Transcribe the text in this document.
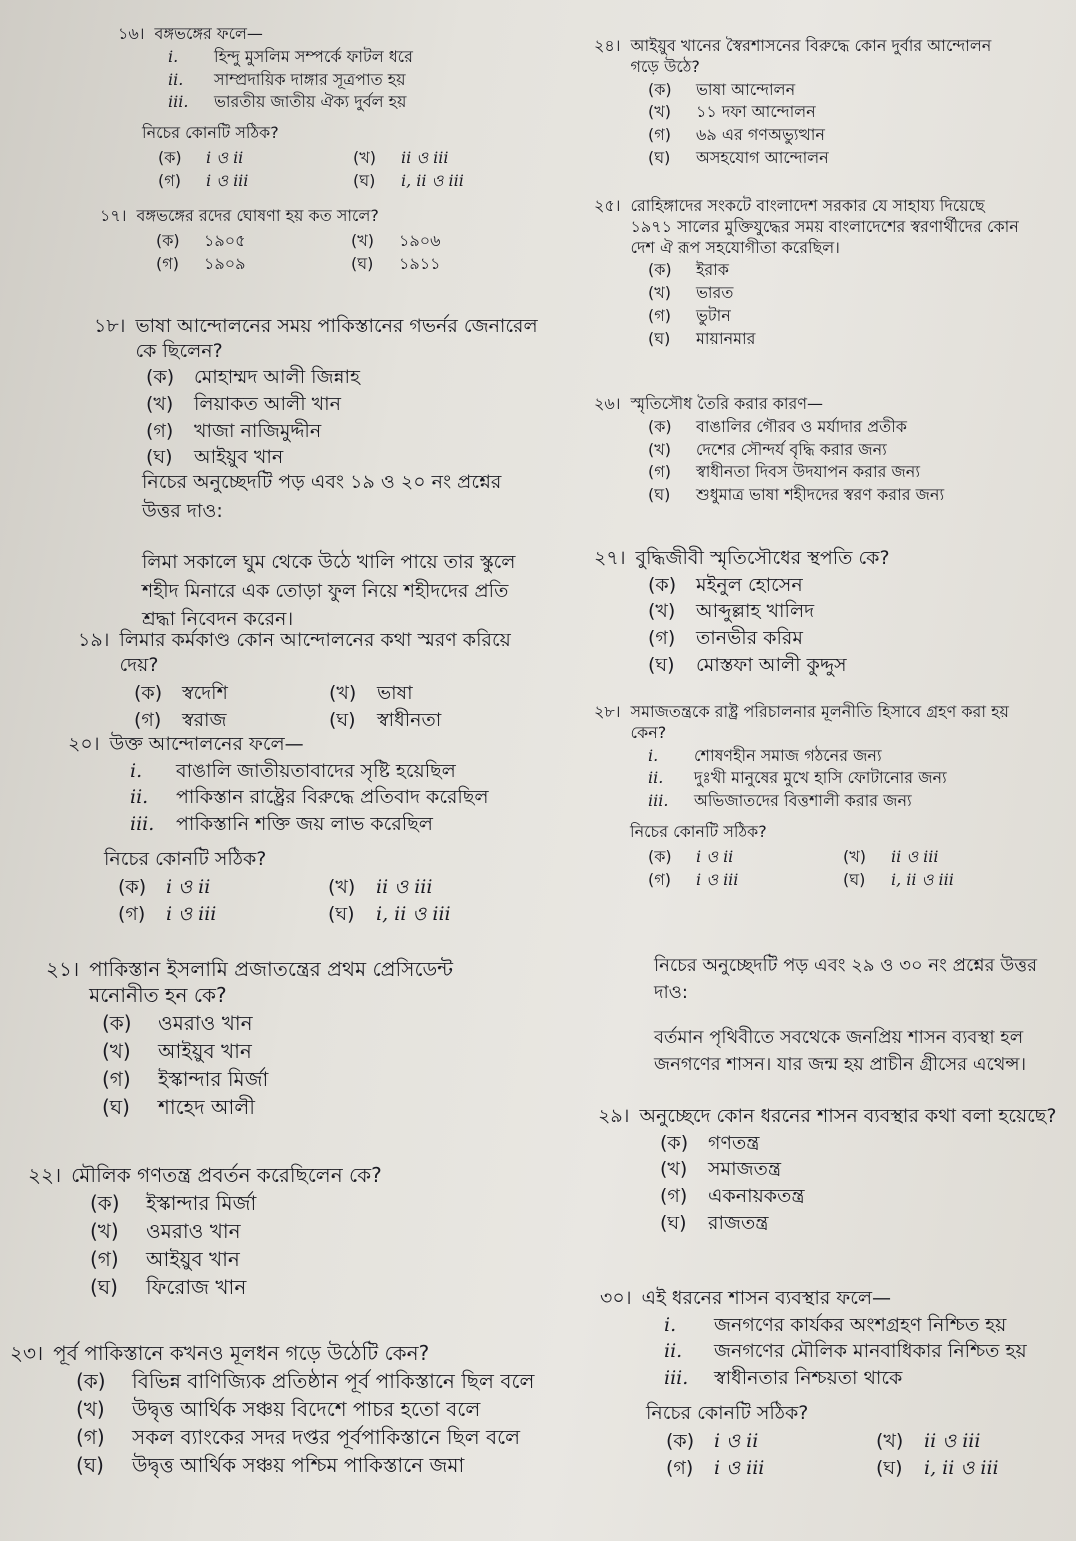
১৬। বঙ্গভঙ্গের ফলে—
i.	হিন্দু মুসলিম সম্পর্কে ফাটল ধরে
ii.	সাম্প্রদায়িক দাঙ্গার সূত্রপাত হয়
iii.	ভারতীয় জাতীয় ঐক্য দুর্বল হয়
নিচের কোনটি সঠিক?
(ক)	i ও ii	(খ)	ii ও iii
(গ)	i ও iii	(ঘ)	i, ii ও iii
১৭। বঙ্গভঙ্গের রদের ঘোষণা হয় কত সালে?
(ক)	১৯০৫	(খ)	১৯০৬
(গ)	১৯০৯	(ঘ)	১৯১১
১৮। ভাষা আন্দোলনের সময় পাকিস্তানের গভর্নর জেনারেল কে ছিলেন?
(ক)	মোহাম্মদ আলী জিন্নাহ
(খ)	লিয়াকত আলী খান
(গ)	খাজা নাজিমুদ্দীন
(ঘ)	আইয়ুব খান
নিচের অনুচ্ছেদটি পড় এবং ১৯ ও ২০ নং প্রশ্নের উত্তর দাও:
লিমা সকালে ঘুম থেকে উঠে খালি পায়ে তার স্কুলে শহীদ মিনারে এক তোড়া ফুল নিয়ে শহীদদের প্রতি শ্রদ্ধা নিবেদন করেন।
১৯। লিমার কর্মকাণ্ড কোন আন্দোলনের কথা স্মরণ করিয়ে দেয়?
(ক)	স্বদেশি	(খ)	ভাষা
(গ)	স্বরাজ	(ঘ)	স্বাধীনতা
২০। উক্ত আন্দোলনের ফলে—
i.	বাঙালি জাতীয়তাবাদের সৃষ্টি হয়েছিল
ii.	পাকিস্তান রাষ্ট্রের বিরুদ্ধে প্রতিবাদ করেছিল
iii.	পাকিস্তানি শক্তি জয় লাভ করেছিল
নিচের কোনটি সঠিক?
(ক)	i ও ii	(খ)	ii ও iii
(গ)	i ও iii	(ঘ)	i, ii ও iii
২১। পাকিস্তান ইসলামি প্রজাতন্ত্রের প্রথম প্রেসিডেন্ট মনোনীত হন কে?
(ক)	ওমরাও খান
(খ)	আইয়ুব খান
(গ)	ইস্কান্দার মির্জা
(ঘ)	শাহেদ আলী
২২। মৌলিক গণতন্ত্র প্রবর্তন করেছিলেন কে?
(ক)	ইস্কান্দার মির্জা
(খ)	ওমরাও খান
(গ)	আইয়ুব খান
(ঘ)	ফিরোজ খান
২৩। পূর্ব পাকিস্তানে কখনও মূলধন গড়ে উঠেটি কেন?
(ক)	বিভিন্ন বাণিজ্যিক প্রতিষ্ঠান পূর্ব পাকিস্তানে ছিল বলে
(খ)	উদ্বৃত্ত আর্থিক সঞ্চয় বিদেশে পাচর হতো বলে
(গ)	সকল ব্যাংকের সদর দপ্তর পূর্বপাকিস্তানে ছিল বলে
(ঘ)	উদ্বৃত্ত আর্থিক সঞ্চয় পশ্চিম পাকিস্তানে জমা
২৪। আইয়ুব খানের স্বৈরশাসনের বিরুদ্ধে কোন দুর্বার আন্দোলন গড়ে উঠে?
(ক)	ভাষা আন্দোলন
(খ)	১১ দফা আন্দোলন
(গ)	৬৯ এর গণঅভ্যুত্থান
(ঘ)	অসহযোগ আন্দোলন
২৫। রোহিঙ্গাদের সংকটে বাংলাদেশ সরকার যে সাহায্য দিয়েছে ১৯৭১ সালের মুক্তিযুদ্ধের সময় বাংলাদেশের স্বরণার্থীদের কোন দেশ ঐ রূপ সহযোগীতা করেছিল।
(ক)	ইরাক
(খ)	ভারত
(গ)	ভুটান
(ঘ)	মায়ানমার
২৬। স্মৃতিসৌধ তৈরি করার কারণ—
(ক)	বাঙালির গৌরব ও মর্যাদার প্রতীক
(খ)	দেশের সৌন্দর্য বৃদ্ধি করার জন্য
(গ)	স্বাধীনতা দিবস উদযাপন করার জন্য
(ঘ)	শুধুমাত্র ভাষা শহীদদের স্বরণ করার জন্য
২৭। বুদ্ধিজীবী স্মৃতিসৌধের স্থপতি কে?
(ক)	মইনুল হোসেন
(খ)	আব্দুল্লাহ খালিদ
(গ)	তানভীর করিম
(ঘ)	মোস্তফা আলী কুদ্দুস
২৮। সমাজতন্ত্রকে রাষ্ট্র পরিচালনার মূলনীতি হিসাবে গ্রহণ করা হয় কেন?
i.	শোষণহীন সমাজ গঠনের জন্য
ii.	দুঃখী মানুষের মুখে হাসি ফোটানোর জন্য
iii.	অভিজাতদের বিত্তশালী করার জন্য
নিচের কোনটি সঠিক?
(ক)	i ও ii	(খ)	ii ও iii
(গ)	i ও iii	(ঘ)	i, ii ও iii
নিচের অনুচ্ছেদটি পড় এবং ২৯ ও ৩০ নং প্রশ্নের উত্তর দাও:
বর্তমান পৃথিবীতে সবথেকে জনপ্রিয় শাসন ব্যবস্থা হল জনগণের শাসন। যার জন্ম হয় প্রাচীন গ্রীসের এথেন্স।
২৯। অনুচ্ছেদে কোন ধরনের শাসন ব্যবস্থার কথা বলা হয়েছে?
(ক)	গণতন্ত্র
(খ)	সমাজতন্ত্র
(গ)	একনায়কতন্ত্র
(ঘ)	রাজতন্ত্র
৩০। এই ধরনের শাসন ব্যবস্থার ফলে—
i.	জনগণের কার্যকর অংশগ্রহণ নিশ্চিত হয়
ii.	জনগণের মৌলিক মানবাধিকার নিশ্চিত হয়
iii.	স্বাধীনতার নিশ্চয়তা থাকে
নিচের কোনটি সঠিক?
(ক)	i ও ii	(খ)	ii ও iii
(গ)	i ও iii	(ঘ)	i, ii ও iii
